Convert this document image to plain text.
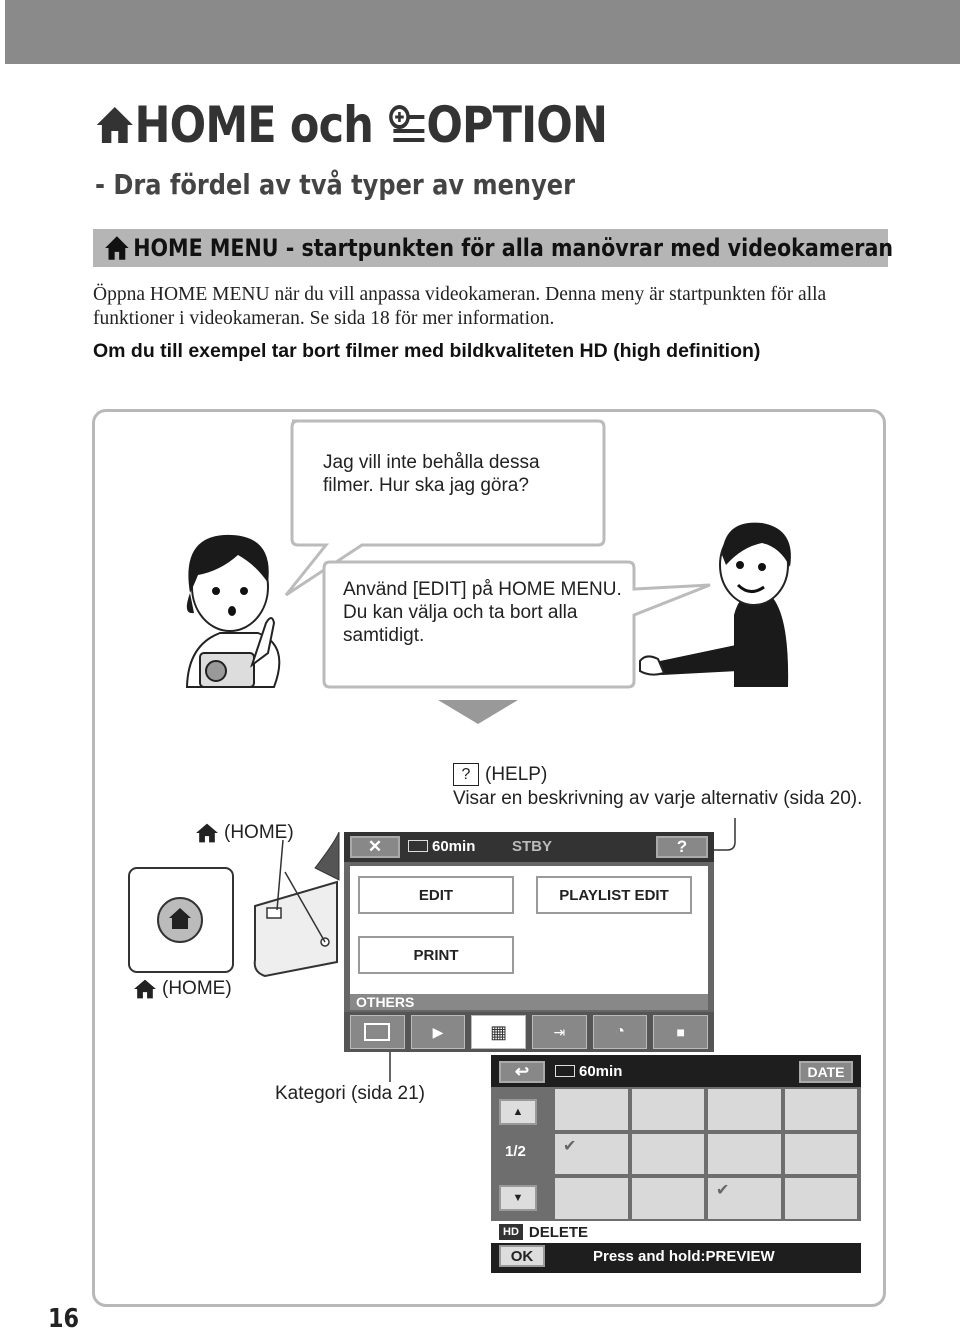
HOME och OPTION
- Dra fördel av två typer av menyer
HOME MENU - startpunkten för alla manövrar med videokameran
Öppna HOME MENU när du vill anpassa videokameran. Denna meny är startpunkten för alla
funktioner i videokameran. Se sida 18 för mer information.
Om du till exempel tar bort filmer med bildkvaliteten HD (high definition)
Jag vill inte behålla dessa
filmer. Hur ska jag göra?
Använd [EDIT] på HOME MENU.
Du kan välja och ta bort alla
samtidigt.
? (HELP)
Visar en beskrivning av varje alternativ (sida 20).
(HOME)
(HOME)
✕	60min STBY	?
EDIT	PLAYLIST EDIT
PRINT
OTHERS
▶	▦	⇥	◔	■
Kategori (sida 21)
↩	60min	DATE
▲
1/2
▼
✔
✔
HD DELETE
OK	Press and hold:PREVIEW
16
